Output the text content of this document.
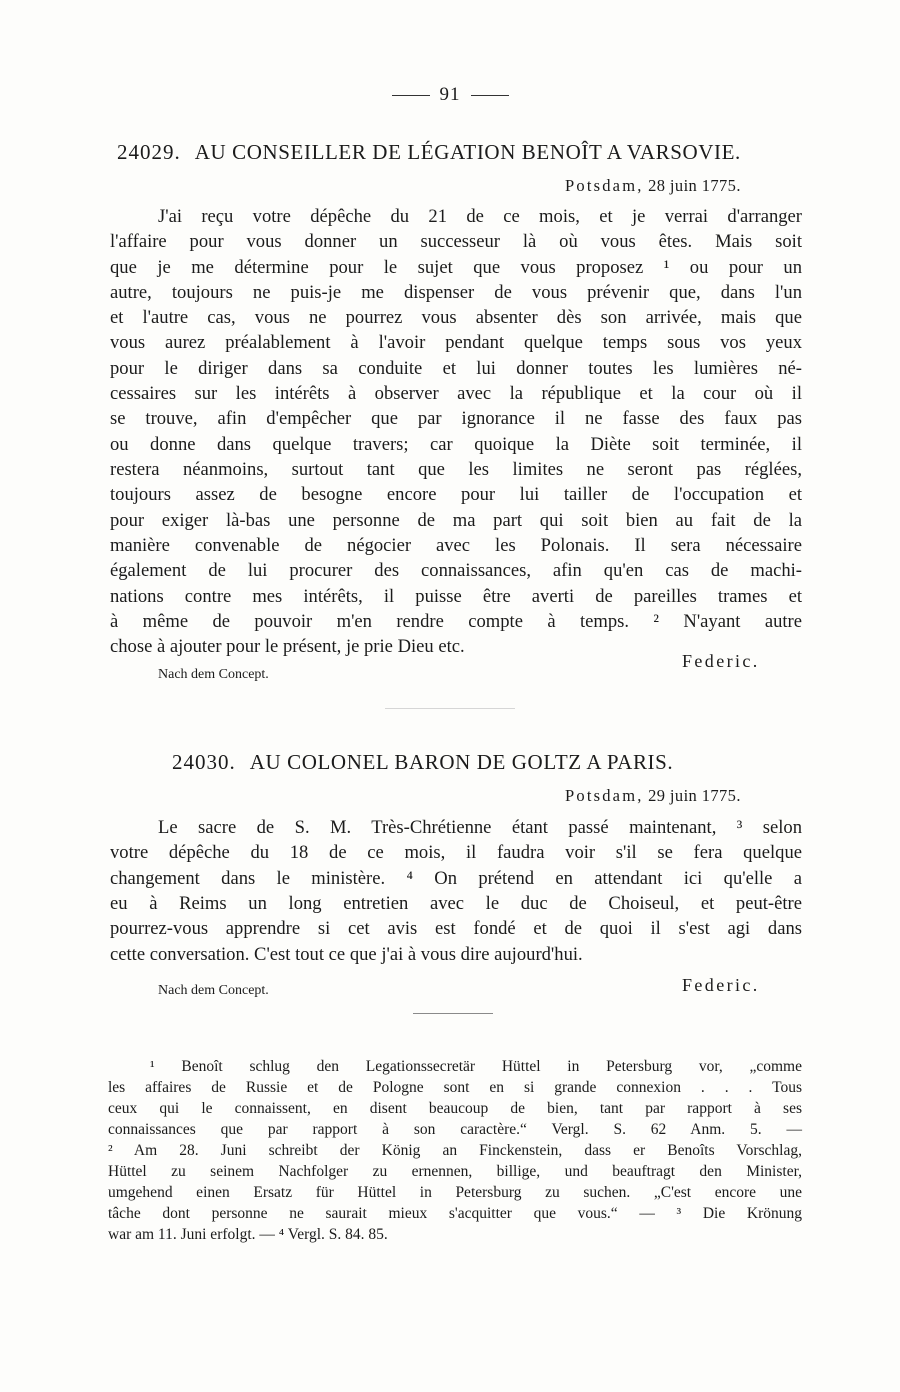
91
24029. AU CONSEILLER DE LÉGATION BENOÎT A VARSOVIE.
Potsdam, 28 juin 1775.
J'ai reçu votre dépêche du 21 de ce mois, et je verrai d'arranger
l'affaire pour vous donner un successeur là où vous êtes. Mais soit
que je me détermine pour le sujet que vous proposez ¹ ou pour un
autre, toujours ne puis-je me dispenser de vous prévenir que, dans l'un
et l'autre cas, vous ne pourrez vous absenter dès son arrivée, mais que
vous aurez préalablement à l'avoir pendant quelque temps sous vos yeux
pour le diriger dans sa conduite et lui donner toutes les lumières né-
cessaires sur les intérêts à observer avec la république et la cour où il
se trouve, afin d'empêcher que par ignorance il ne fasse des faux pas
ou donne dans quelque travers; car quoique la Diète soit terminée, il
restera néanmoins, surtout tant que les limites ne seront pas réglées,
toujours assez de besogne encore pour lui tailler de l'occupation et
pour exiger là-bas une personne de ma part qui soit bien au fait de la
manière convenable de négocier avec les Polonais. Il sera nécessaire
également de lui procurer des connaissances, afin qu'en cas de machi-
nations contre mes intérêts, il puisse être averti de pareilles trames et
à même de pouvoir m'en rendre compte à temps. ² N'ayant autre
chose à ajouter pour le présent, je prie Dieu etc.
Federic.
Nach dem Concept.
24030. AU COLONEL BARON DE GOLTZ A PARIS.
Potsdam, 29 juin 1775.
Le sacre de S. M. Très-Chrétienne étant passé maintenant, ³ selon
votre dépêche du 18 de ce mois, il faudra voir s'il se fera quelque
changement dans le ministère. ⁴ On prétend en attendant ici qu'elle a
eu à Reims un long entretien avec le duc de Choiseul, et peut-être
pourrez-vous apprendre si cet avis est fondé et de quoi il s'est agi dans
cette conversation. C'est tout ce que j'ai à vous dire aujourd'hui.
Nach dem Concept.	Federic.
¹ Benoît schlug den Legationssecretär Hüttel in Petersburg vor, „comme
les affaires de Russie et de Pologne sont en si grande connexion . . . Tous
ceux qui le connaissent, en disent beaucoup de bien, tant par rapport à ses
connaissances que par rapport à son caractère.“ Vergl. S. 62 Anm. 5. —
² Am 28. Juni schreibt der König an Finckenstein, dass er Benoîts Vorschlag,
Hüttel zu seinem Nachfolger zu ernennen, billige, und beauftragt den Minister,
umgehend einen Ersatz für Hüttel in Petersburg zu suchen. „C'est encore une
tâche dont personne ne saurait mieux s'acquitter que vous.“ — ³ Die Krönung
war am 11. Juni erfolgt. — ⁴ Vergl. S. 84. 85.
